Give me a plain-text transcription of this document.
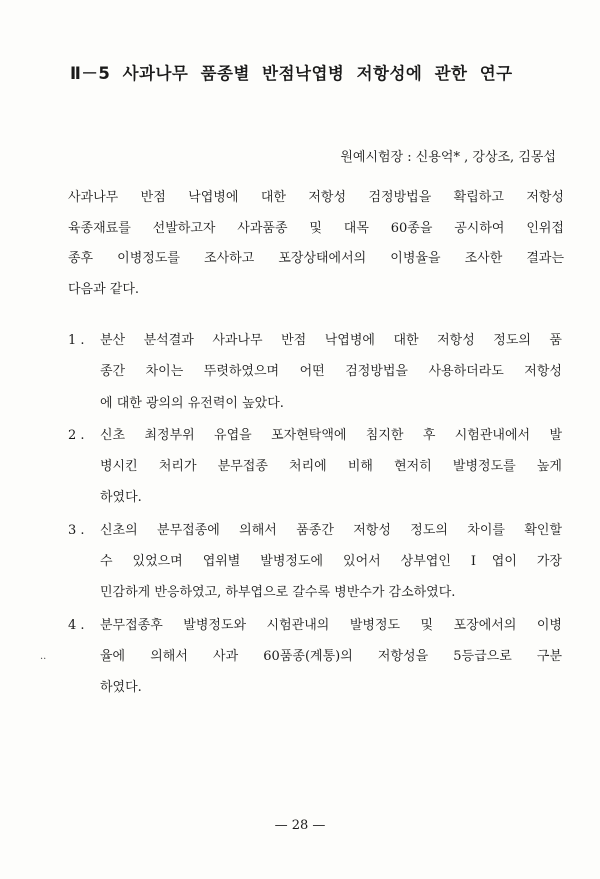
Ⅱ－5 사과나무 품종별 반점낙엽병 저항성에 관한 연구
원예시험장 : 신용억* , 강상조, 김몽섭
사과나무 반점 낙엽병에 대한 저항성 검정방법을 확립하고 저항성
육종재료를 선발하고자 사과품종 및 대목 60종을 공시하여 인위접
종후 이병정도를 조사하고 포장상태에서의 이병율을 조사한 결과는
다음과 같다.
1 .	분산 분석결과 사과나무 반점 낙엽병에 대한 저항성 정도의 품
종간 차이는 뚜렷하였으며 어떤 검정방법을 사용하더라도 저항성
에 대한 광의의 유전력이 높았다.
2 .	신초 최정부위 유엽을 포자현탁액에 침지한 후 시험관내에서 발
병시킨 처리가 분무접종 처리에 비해 현저히 발병정도를 높게
하였다.
3 .	신초의 분무접종에 의해서 품종간 저항성 정도의 차이를 확인할
수 있었으며 엽위별 발병정도에 있어서 상부엽인 Ⅰ엽이 가장
민감하게 반응하였고, 하부엽으로 갈수록 병반수가 감소하였다.
4 .	분무접종후 발병정도와 시험관내의 발병정도 및 포장에서의 이병
율에 의해서 사과 60품종(계통)의 저항성을 5등급으로 구분
하였다.
··
— 28 —
